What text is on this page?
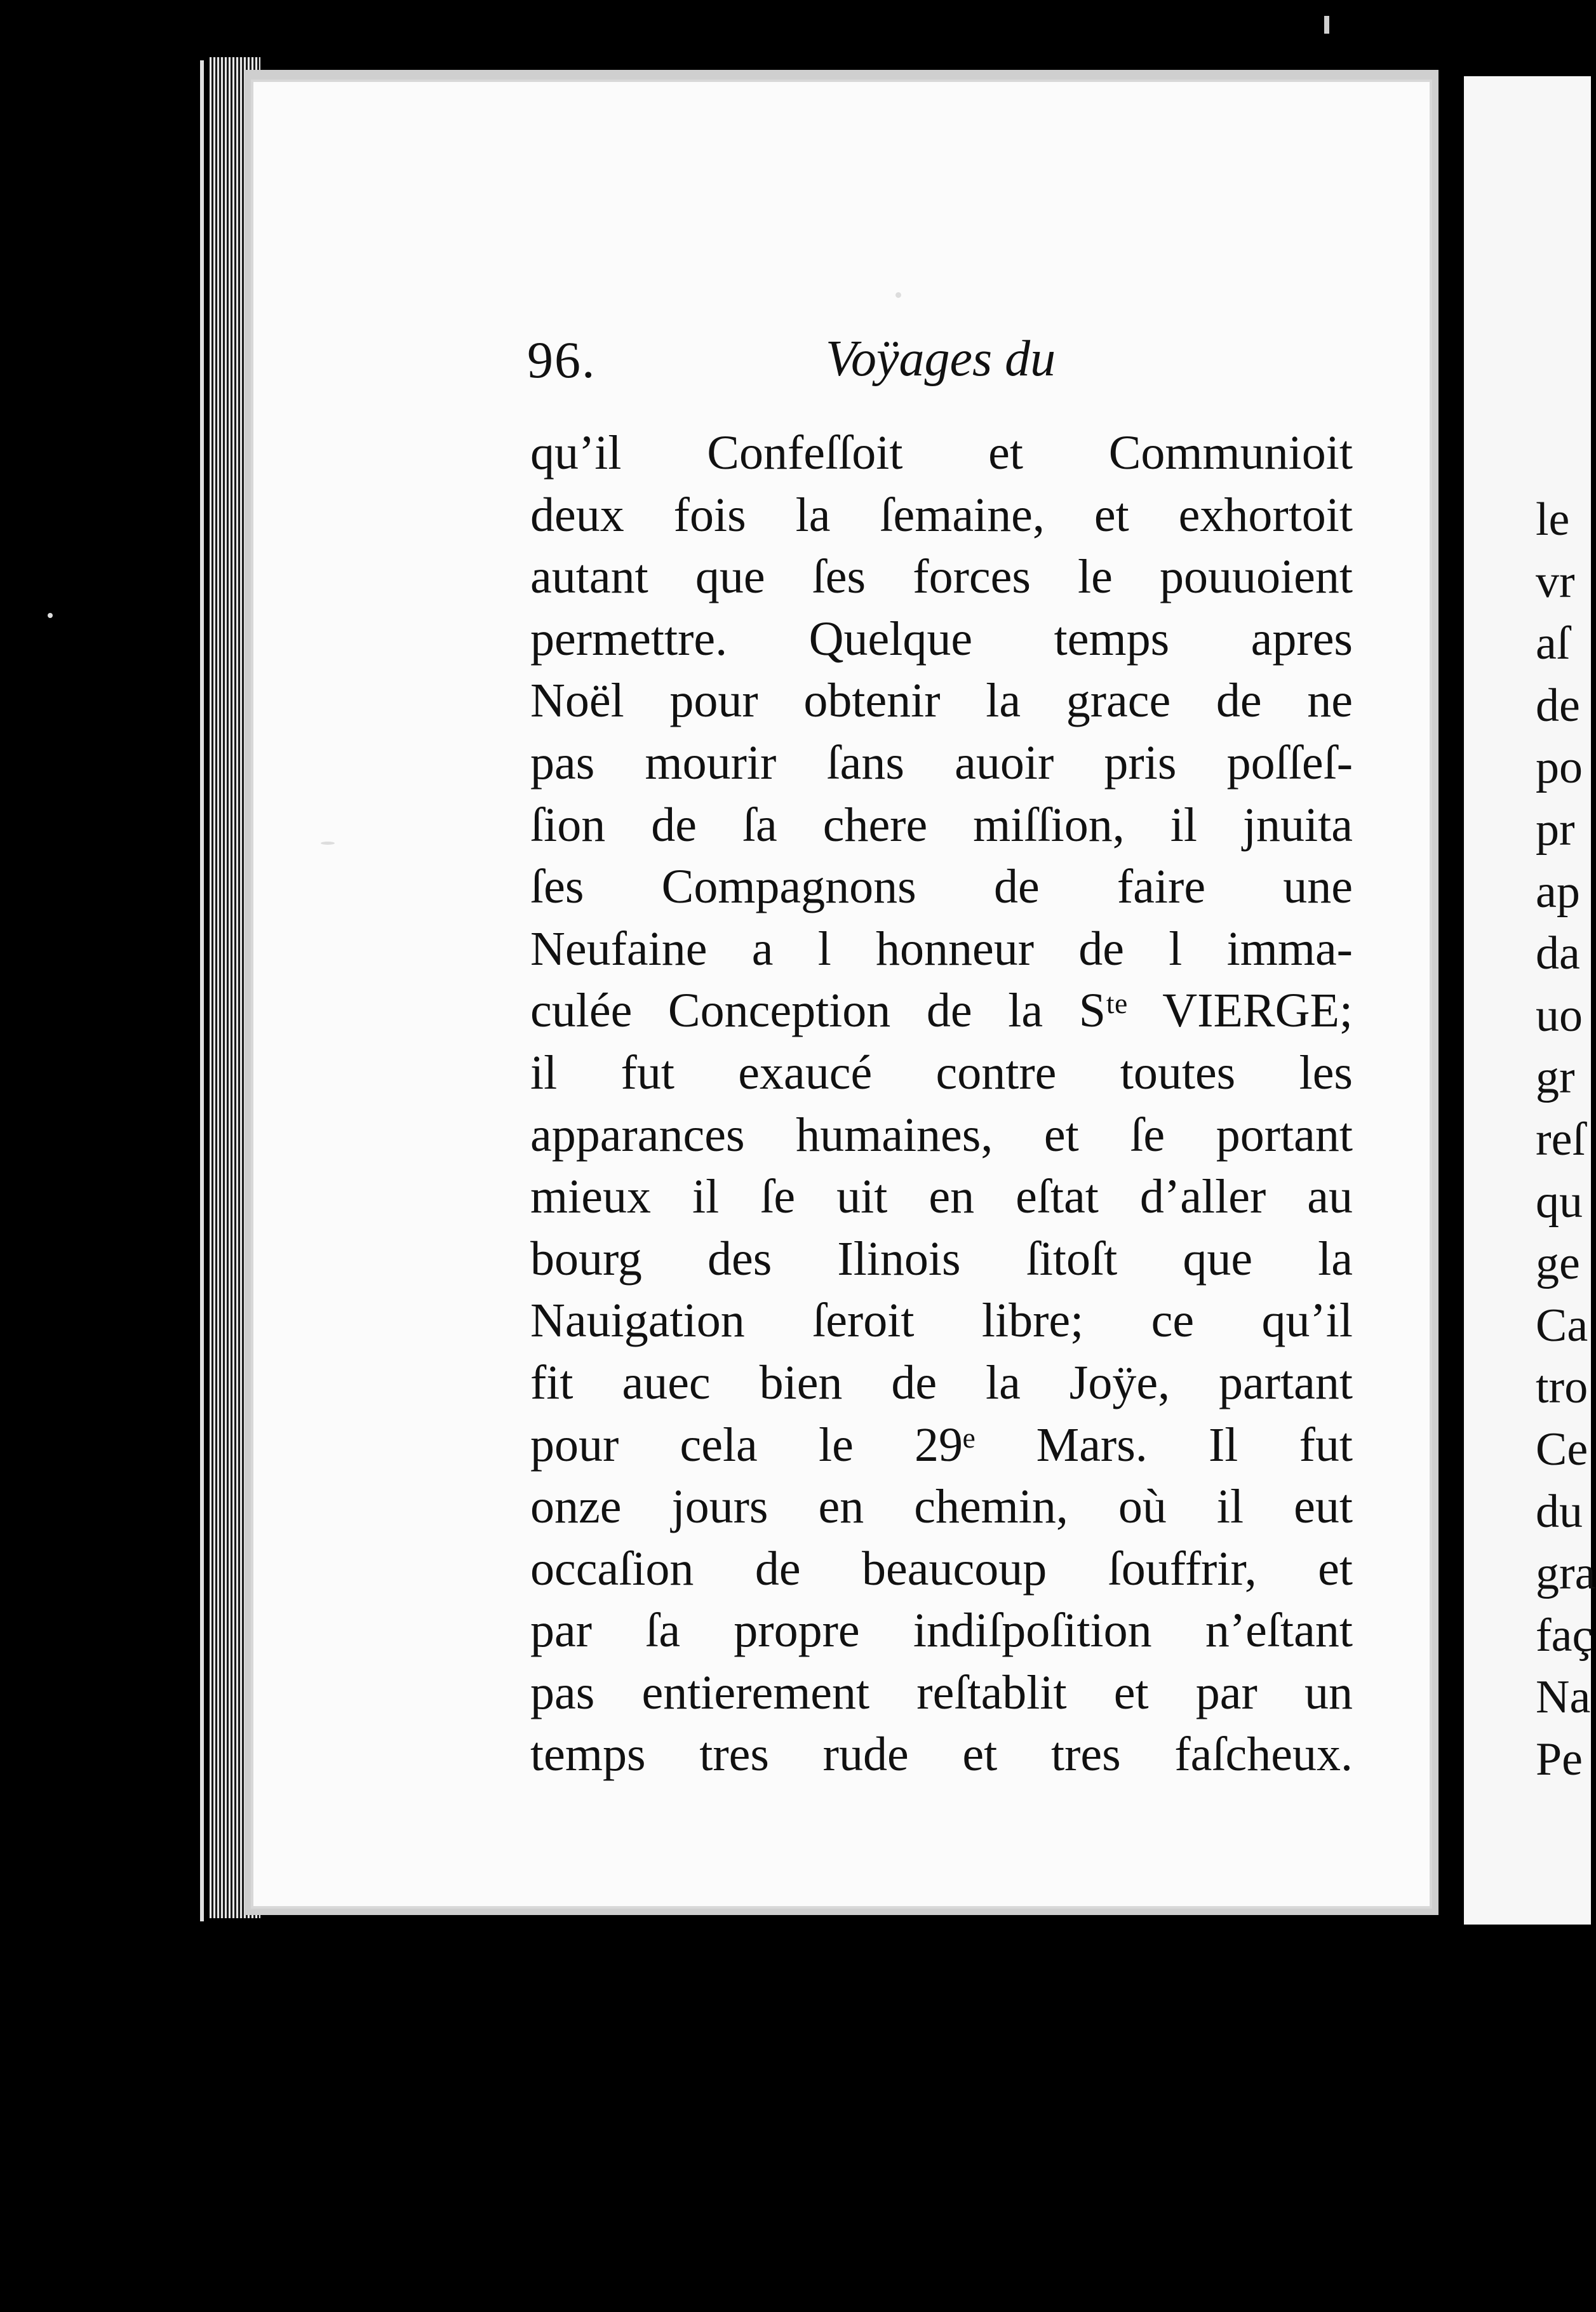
96.	Voÿages du
qu’il Confeſſoit et Communioit
deux fois la ſemaine, et exhortoit
autant que ſes forces le pouuoient
permettre. Quelque temps apres
Noël pour obtenir la grace de ne
pas mourir ſans auoir pris poſſeſ-
ſion de ſa chere miſſion, il jnuita
ſes Compagnons de faire une
Neufaine a l honneur de l imma-
culée Conception de la Sᵗᵉ VIERGE;
il fut exaucé contre toutes les
apparances humaines, et ſe portant
mieux il ſe uit en eſtat d’aller au
bourg des Ilinois ſitoſt que la
Nauigation ſeroit libre; ce qu’il
fit auec bien de la Joÿe, partant
pour cela le 29ᵉ Mars. Il fut
onze jours en chemin, où il eut
occaſion de beaucoup ſouffrir, et
par ſa propre indiſpoſition n’eſtant
pas entierement reſtablit et par un
temps tres rude et tres faſcheux.
le
vr
aſ
de
po
pr
ap
da
uo
gr
reſ
qu
ge
Ca
tro
Ce
du
gra
faç
Na
Pe
